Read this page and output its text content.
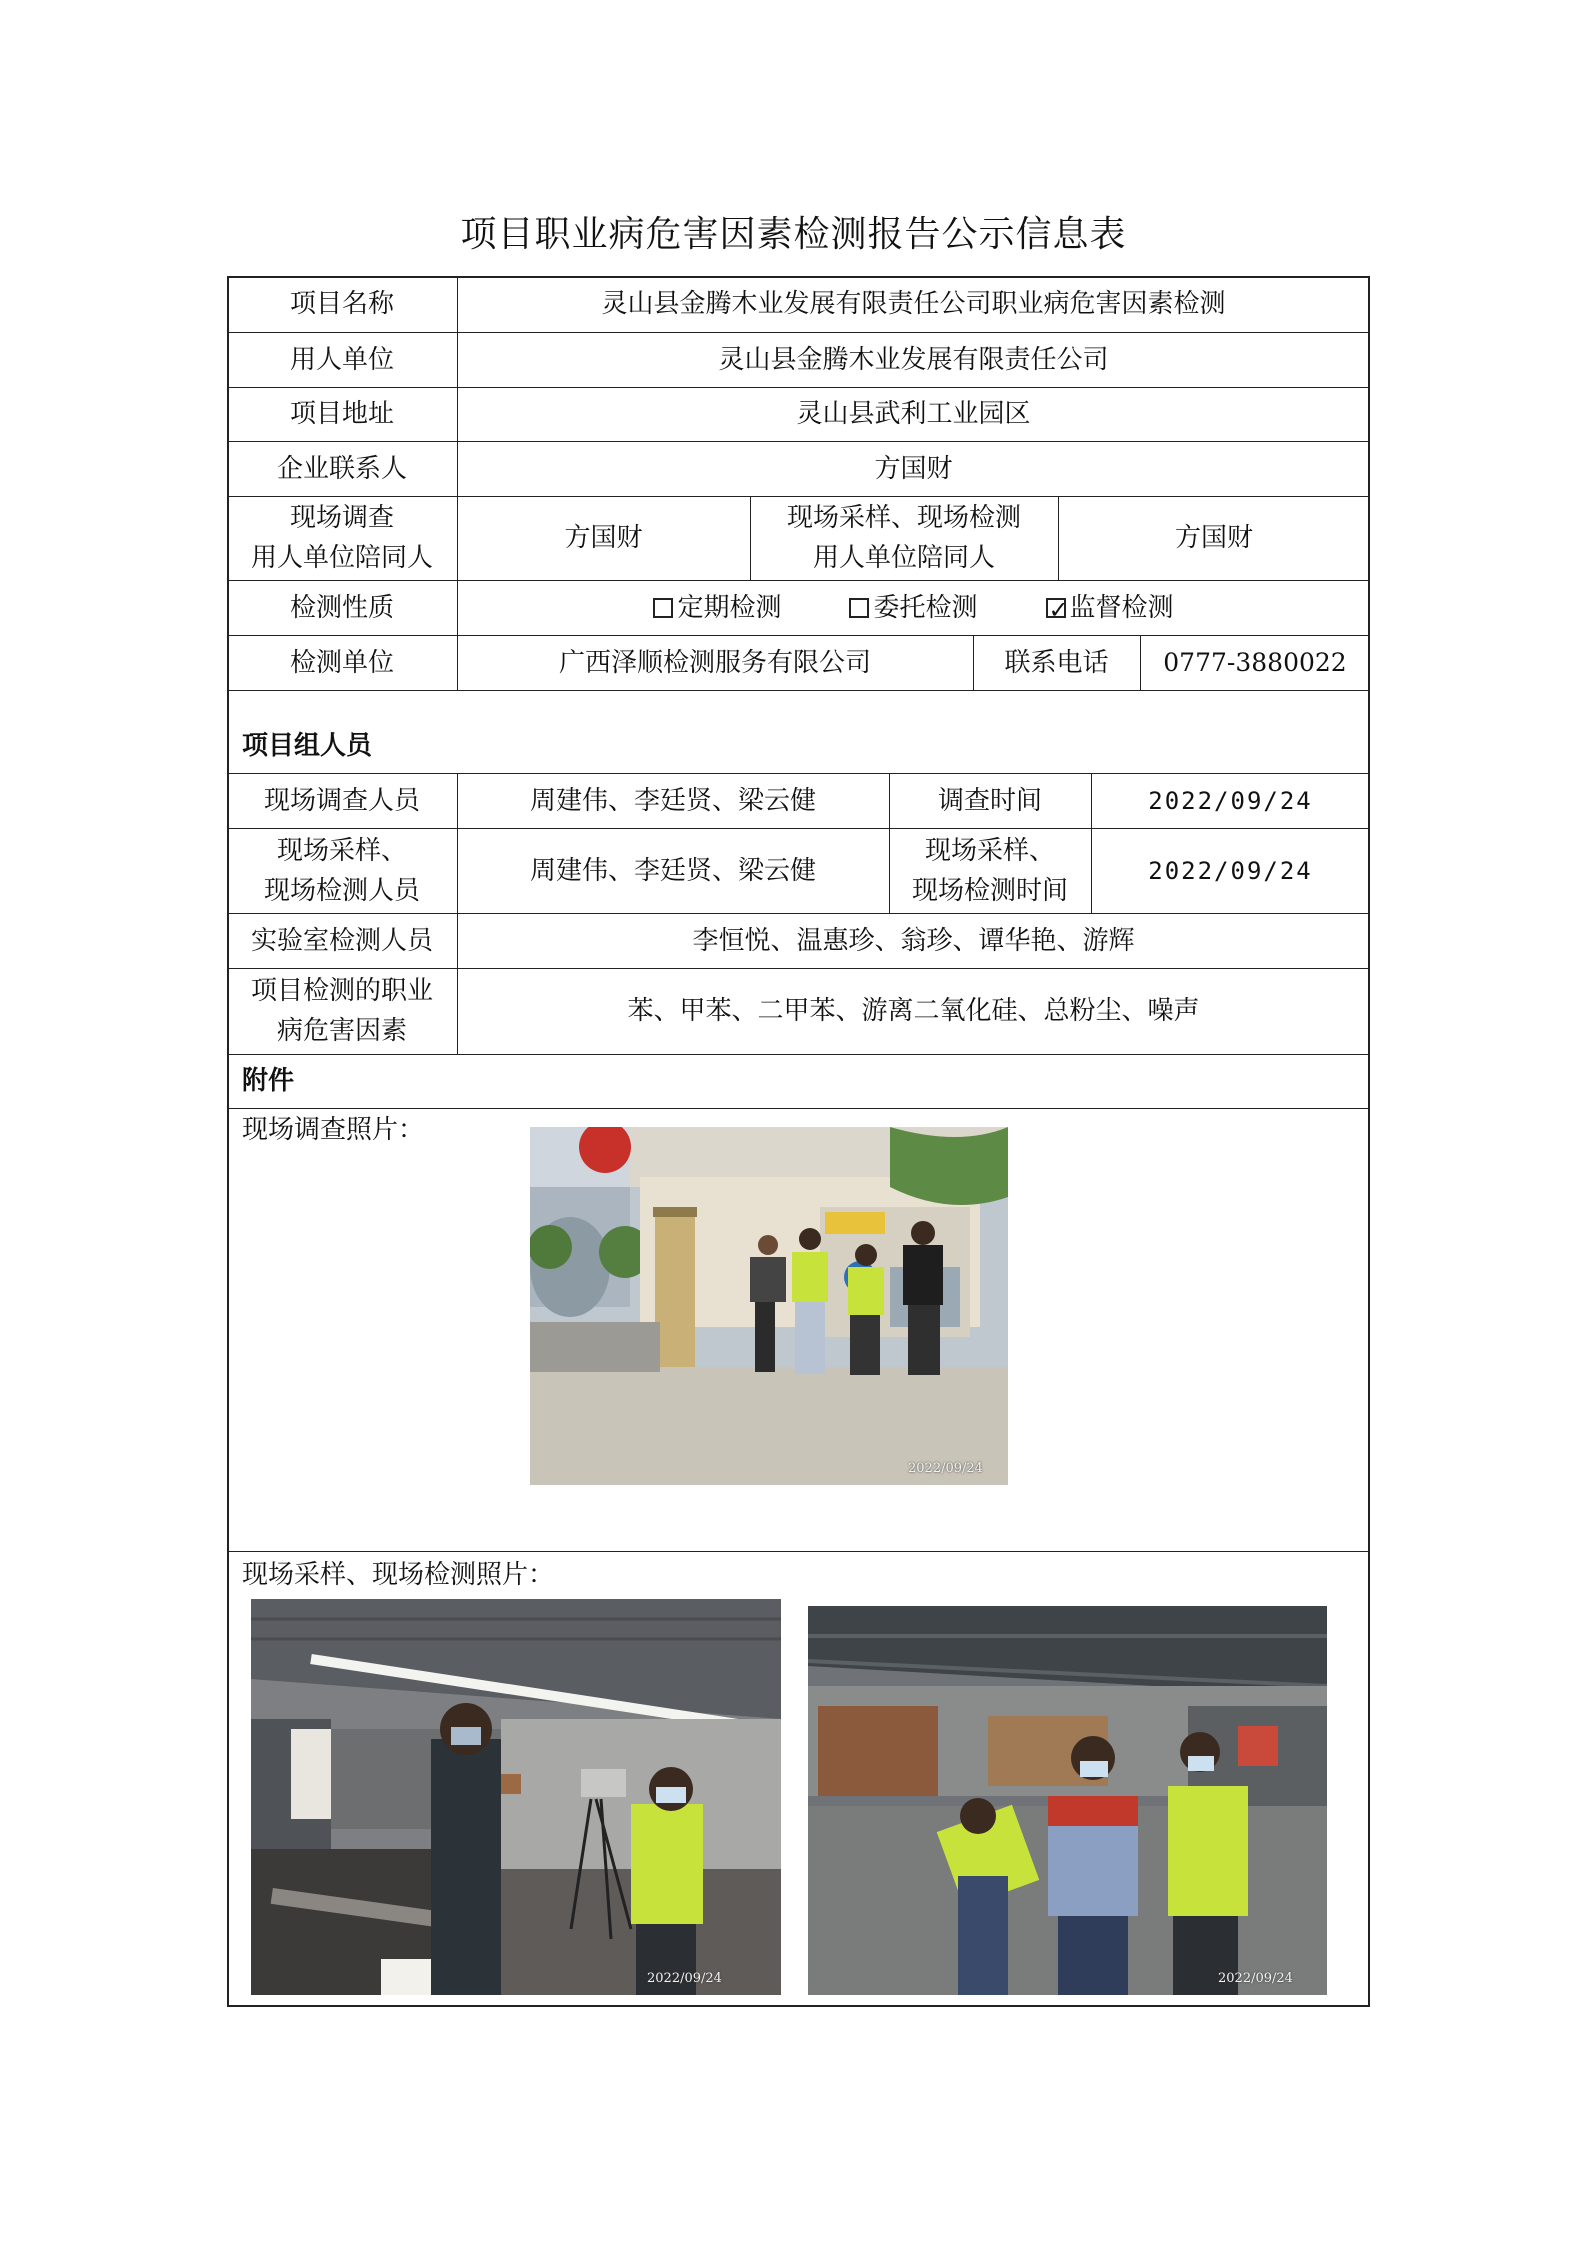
项目职业病危害因素检测报告公示信息表
项目名称	灵山县金腾木业发展有限责任公司职业病危害因素检测
用人单位	灵山县金腾木业发展有限责任公司
项目地址	灵山县武利工业园区
企业联系人	方国财
现场调查
用人单位陪同人
方国财
现场采样、现场检测
用人单位陪同人
方国财
检测性质	定期检测	委托检测
✓	监督检测
检测单位	广西泽顺检测服务有限公司	联系电话	0777-3880022
项目组人员
现场调查人员	周建伟、李廷贤、梁云健	调查时间	2022/09/24
现场采样、
现场检测人员
周建伟、李廷贤、梁云健
现场采样、
现场检测时间
2022/09/24
实验室检测人员	李恒悦、温惠珍、翁珍、谭华艳、游辉
项目检测的职业
病危害因素
苯、甲苯、二甲苯、游离二氧化硅、总粉尘、噪声
附件
现场调查照片：
2022/09/24
现场采样、现场检测照片：
2022/09/24	2022/09/24
